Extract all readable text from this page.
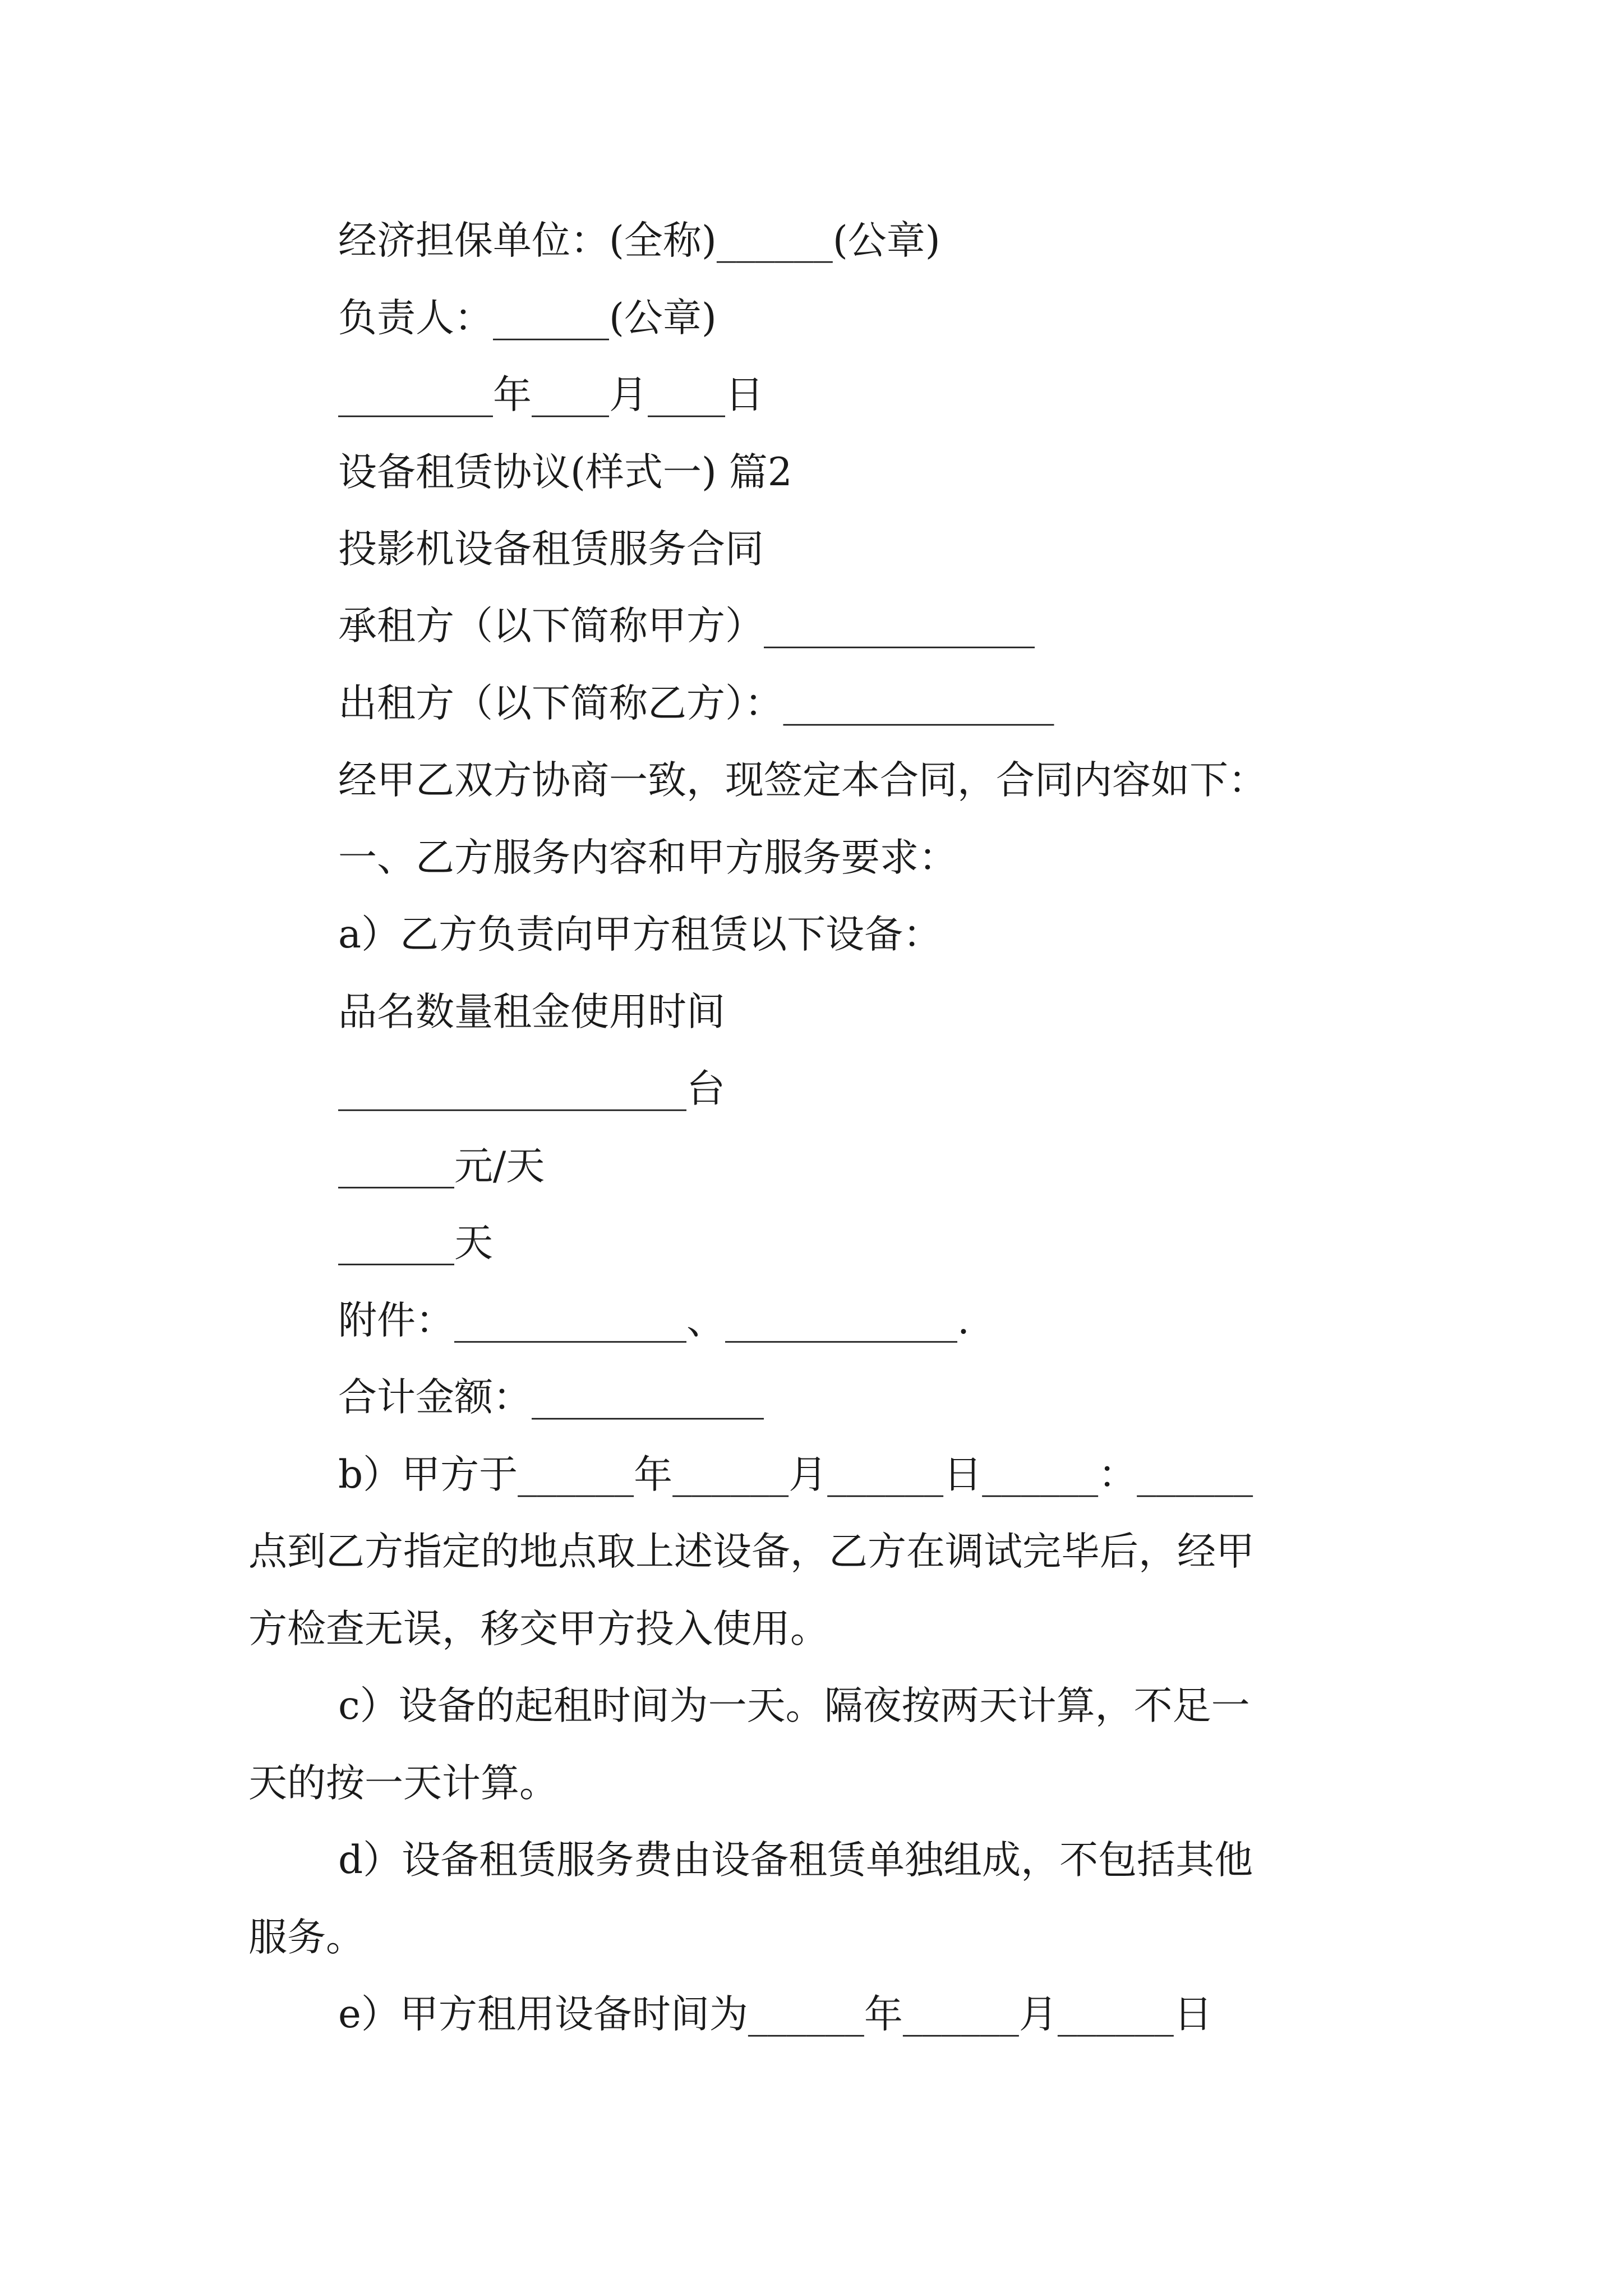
经济担保单位：(全称)______(公章)

负责人：______(公章)

________年____月____日

设备租赁协议(样式一) 篇2

投影机设备租赁服务合同

承租方（以下简称甲方）______________

出租方（以下简称乙方）：______________

经甲乙双方协商一致，现签定本合同，合同内容如下：

一、乙方服务内容和甲方服务要求：

a）乙方负责向甲方租赁以下设备：

品名数量租金使用时间

__________________台

______元/天

______天

附件：____________、____________.

合计金额：____________

b）甲方于______年______月______日______：______

点到乙方指定的地点取上述设备，乙方在调试完毕后，经甲

方检查无误，移交甲方投入使用。

c）设备的起租时间为一天。隔夜按两天计算，不足一

天的按一天计算。

d）设备租赁服务费由设备租赁单独组成，不包括其他

服务。

e）甲方租用设备时间为______年______月______日
